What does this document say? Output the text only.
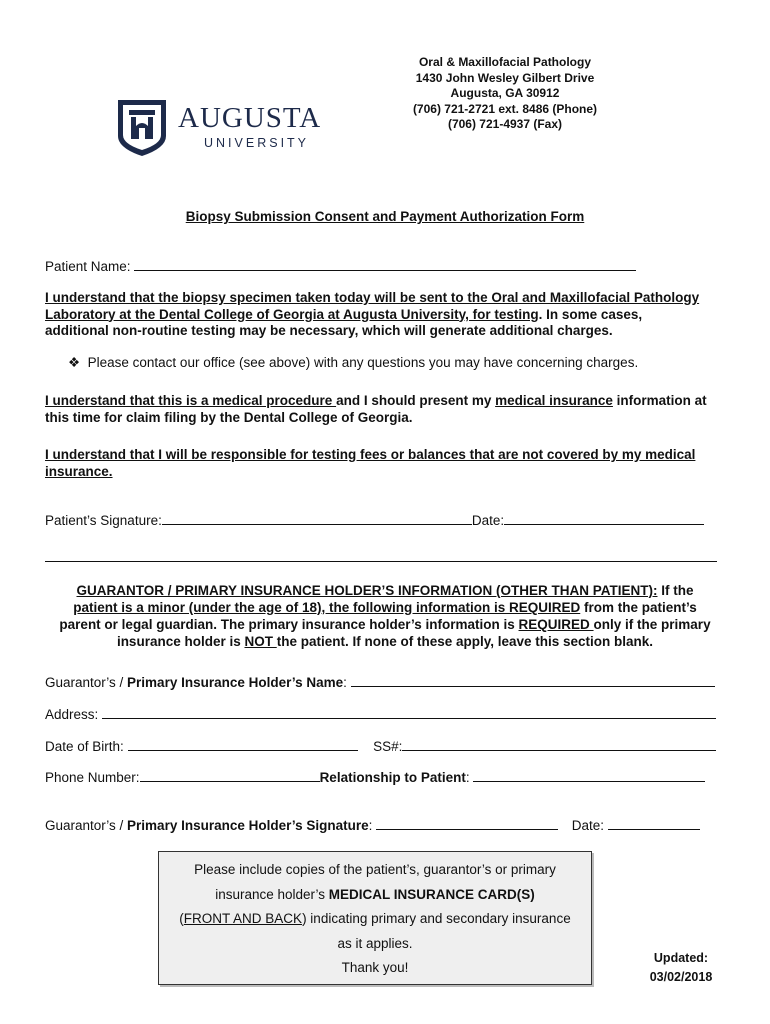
AUGUSTA
UNIVERSITY
Oral & Maxillofacial Pathology
1430 John Wesley Gilbert Drive
Augusta, GA 30912
(706) 721-2721 ext. 8486 (Phone)
(706) 721-4937 (Fax)
Biopsy Submission Consent and Payment Authorization Form
Patient Name:
I understand that the biopsy specimen taken today will be sent to the Oral and Maxillofacial Pathology
Laboratory at the Dental College of Georgia at Augusta University, for testing. In some cases,
additional non-routine testing may be necessary, which will generate additional charges.
❖ Please contact our office (see above) with any questions you may have concerning charges.
I understand that this is a medical procedure and I should present my medical insurance information at
this time for claim filing by the Dental College of Georgia.
I understand that I will be responsible for testing fees or balances that are not covered by my medical
insurance.
Patient’s Signature:	Date:
GUARANTOR / PRIMARY INSURANCE HOLDER’S INFORMATION (OTHER THAN PATIENT): If the
patient is a minor (under the age of 18), the following information is REQUIRED from the patient’s
parent or legal guardian. The primary insurance holder’s information is REQUIRED only if the primary
insurance holder is NOT the patient. If none of these apply, leave this section blank.
Guarantor’s / Primary Insurance Holder’s Name:
Address:
Date of Birth:	SS#:
Phone Number:	Relationship to Patient:
Guarantor’s / Primary Insurance Holder’s Signature:	Date:
Please include copies of the patient’s, guarantor’s or primary
insurance holder’s MEDICAL INSURANCE CARD(S)
(FRONT AND BACK) indicating primary and secondary insurance
as it applies.
Thank you!
Updated:
03/02/2018
